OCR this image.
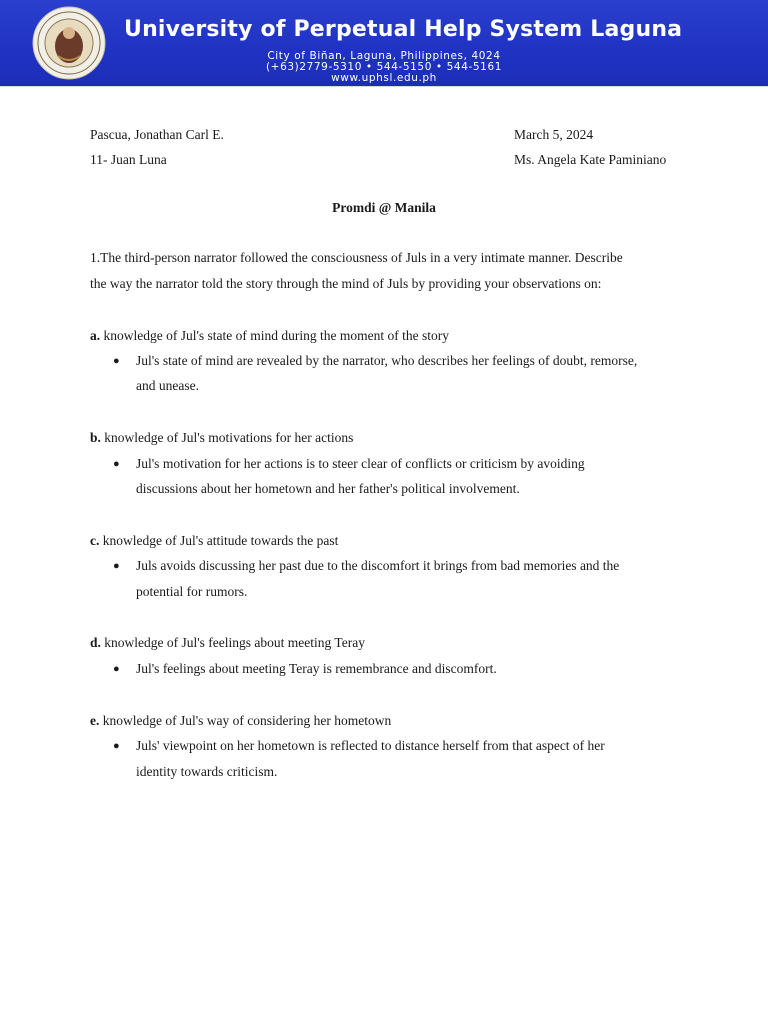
University of Perpetual Help System Laguna
City of Biñan, Laguna, Philippines, 4024
(+63)2779-5310 • 544-5150 • 544-5161
www.uphsl.edu.ph
Pascua, Jonathan Carl E.
11- Juan Luna
March 5, 2024
Ms. Angela Kate Paminiano
Promdi @ Manila
1.The third-person narrator followed the consciousness of Juls in a very intimate manner. Describe
the way the narrator told the story through the mind of Juls by providing your observations on:
a. knowledge of Jul's state of mind during the moment of the story
● Jul's state of mind are revealed by the narrator, who describes her feelings of doubt, remorse,
and unease.
b. knowledge of Jul's motivations for her actions
● Jul's motivation for her actions is to steer clear of conflicts or criticism by avoiding
discussions about her hometown and her father's political involvement.
c. knowledge of Jul's attitude towards the past
● Juls avoids discussing her past due to the discomfort it brings from bad memories and the
potential for rumors.
d. knowledge of Jul's feelings about meeting Teray
● Jul's feelings about meeting Teray is remembrance and discomfort.
e. knowledge of Jul's way of considering her hometown
● Juls' viewpoint on her hometown is reflected to distance herself from that aspect of her
identity towards criticism.
